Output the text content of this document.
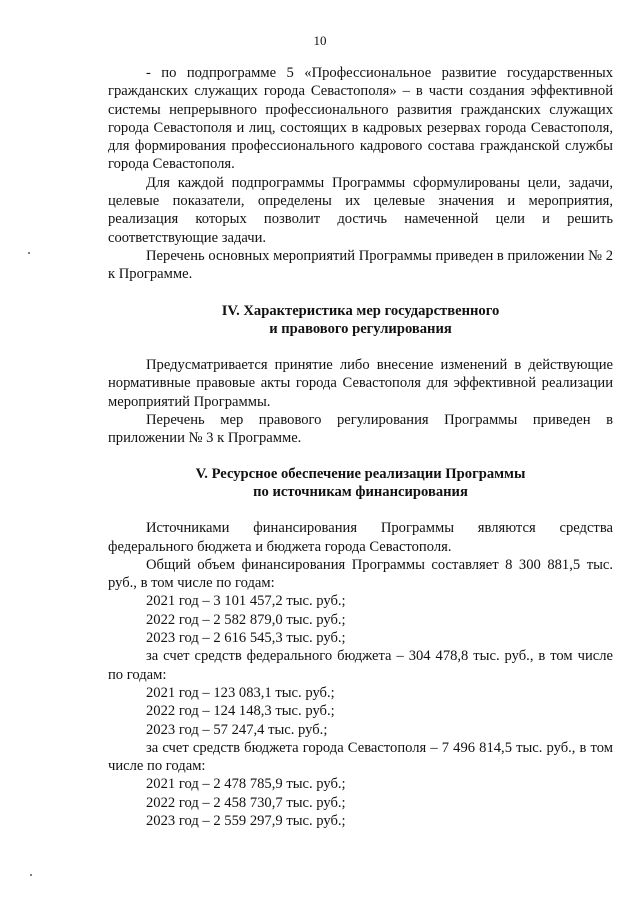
10

- по подпрограмме 5 «Профессиональное развитие государственных гражданских служащих города Севастополя» – в части создания эффективной системы непрерывного профессионального развития гражданских служащих города Севастополя и лиц, состоящих в кадровых резервах города Севастополя, для формирования профессионального кадрового состава гражданской службы города Севастополя.

Для каждой подпрограммы Программы сформулированы цели, задачи, целевые показатели, определены их целевые значения и мероприятия, реализация которых позволит достичь намеченной цели и решить соответствующие задачи.

Перечень основных мероприятий Программы приведен в приложении № 2 к Программе.

IV. Характеристика мер государственного

и правового регулирования

Предусматривается принятие либо внесение изменений в действующие нормативные правовые акты города Севастополя для эффективной реализации мероприятий Программы.

Перечень мер правового регулирования Программы приведен в приложении № 3 к Программе.

V. Ресурсное обеспечение реализации Программы

по источникам финансирования

Источниками финансирования Программы являются средства федерального бюджета и бюджета города Севастополя.

Общий объем финансирования Программы составляет 8 300 881,5 тыс. руб., в том числе по годам:

2021 год – 3 101 457,2 тыс. руб.;

2022 год – 2 582 879,0 тыс. руб.;

2023 год – 2 616 545,3 тыс. руб.;

за счет средств федерального бюджета – 304 478,8 тыс. руб., в том числе по годам:

2021 год – 123 083,1 тыс. руб.;

2022 год – 124 148,3 тыс. руб.;

2023 год – 57 247,4 тыс. руб.;

за счет средств бюджета города Севастополя – 7 496 814,5 тыс. руб., в том числе по годам:

2021 год – 2 478 785,9 тыс. руб.;

2022 год – 2 458 730,7 тыс. руб.;

2023 год – 2 559 297,9 тыс. руб.;
